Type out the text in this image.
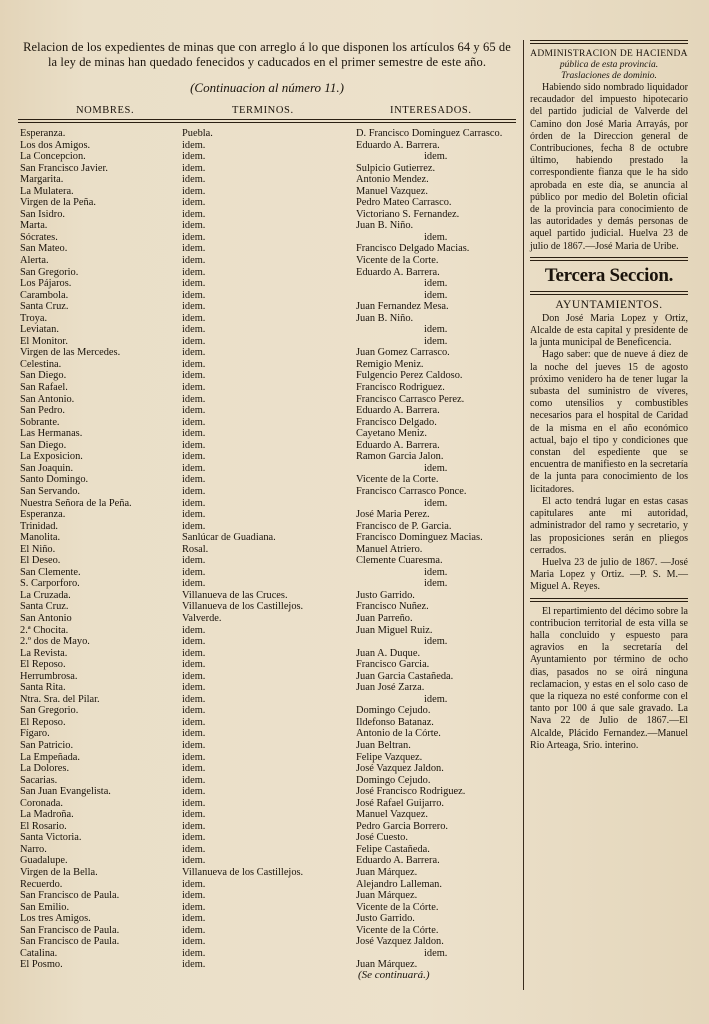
Relacion de los expedientes de minas que con arreglo á lo que disponen los artículos 64 y 65 de la ley de minas han quedado fenecidos y caducados en el primer semestre de este año.
(Continuacion al número 11.)
NOMBRES.	TERMINOS.	INTERESADOS.
Esperanza.	Puebla.	D. Francisco Dominguez Carrasco.
Los dos Amigos.	idem.	Eduardo A. Barrera.
La Concepcion.	idem.	idem.
San Francisco Javier.	idem.	Sulpicio Gutierrez.
Margarita.	idem.	Antonio Mendez.
La Mulatera.	idem.	Manuel Vazquez.
Virgen de la Peña.	idem.	Pedro Mateo Carrasco.
San Isidro.	idem.	Victoriano S. Fernandez.
Marta.	idem.	Juan B. Niño.
Sócrates.	idem.	idem.
San Mateo.	idem.	Francisco Delgado Macias.
Alerta.	idem.	Vicente de la Corte.
San Gregorio.	idem.	Eduardo A. Barrera.
Los Pájaros.	idem.	idem.
Carambola.	idem.	idem.
Santa Cruz.	idem.	Juan Fernandez Mesa.
Troya.	idem.	Juan B. Niño.
Leviatan.	idem.	idem.
El Monitor.	idem.	idem.
Virgen de las Mercedes.	idem.	Juan Gomez Carrasco.
Celestina.	idem.	Remigio Meniz.
San Diego.	idem.	Fulgencio Perez Caldoso.
San Rafael.	idem.	Francisco Rodriguez.
San Antonio.	idem.	Francisco Carrasco Perez.
San Pedro.	idem.	Eduardo A. Barrera.
Sobrante.	idem.	Francisco Delgado.
Las Hermanas.	idem.	Cayetano Meniz.
San Diego.	idem.	Eduardo A. Barrera.
La Exposicion.	idem.	Ramon Garcia Jalon.
San Joaquin.	idem.	idem.
Santo Domingo.	idem.	Vicente de la Corte.
San Servando.	idem.	Francisco Carrasco Ponce.
Nuestra Señora de la Peña.	idem.	idem.
Esperanza.	idem.	José Maria Perez.
Trinidad.	idem.	Francisco de P. Garcia.
Manolita.	Sanlúcar de Guadiana.	Francisco Dominguez Macias.
El Niño.	Rosal.	Manuel Atriero.
El Deseo.	idem.	Clemente Cuaresma.
San Clemente.	idem.	idem.
S. Carporforo.	idem.	idem.
La Cruzada.	Villanueva de las Cruces.	Justo Garrido.
Santa Cruz.	Villanueva de los Castillejos.	Francisco Nuñez.
San Antonio	Valverde.	Juan Parreño.
2.ª Chocita.	idem.	Juan Miguel Ruiz.
2.º dos de Mayo.	idem.	idem.
La Revista.	idem.	Juan A. Duque.
El Reposo.	idem.	Francisco Garcia.
Herrumbrosa.	idem.	Juan Garcia Castañeda.
Santa Rita.	idem.	Juan José Zarza.
Ntra. Sra. del Pilar.	idem.	idem.
San Gregorio.	idem.	Domingo Cejudo.
El Reposo.	idem.	Ildefonso Batanaz.
Fígaro.	idem.	Antonio de la Córte.
San Patricio.	idem.	Juan Beltran.
La Empeñada.	idem.	Felipe Vazquez.
La Dolores.	idem.	José Vazquez Jaldon.
Sacarias.	idem.	Domingo Cejudo.
San Juan Evangelista.	idem.	José Francisco Rodriguez.
Coronada.	idem.	José Rafael Guijarro.
La Madroña.	idem.	Manuel Vazquez.
El Rosario.	idem.	Pedro Garcia Borrero.
Santa Victoria.	idem.	José Cuesto.
Narro.	idem.	Felipe Castañeda.
Guadalupe.	idem.	Eduardo A. Barrera.
Virgen de la Bella.	Villanueva de los Castillejos.	Juan Márquez.
Recuerdo.	idem.	Alejandro Lalleman.
San Francisco de Paula.	idem.	Juan Márquez.
San Emilio.	idem.	Vicente de la Córte.
Los tres Amigos.	idem.	Justo Garrido.
San Francisco de Paula.	idem.	Vicente de la Córte.
San Francisco de Paula.	idem.	José Vazquez Jaldon.
Catalina.	idem.	idem.
El Posmo.	idem.	Juan Márquez.
(Se continuará.)
ADMINISTRACION DE HACIENDA
pública de esta provincia.
Traslaciones de dominio.

Habiendo sido nombrado liquidador recaudador del impuesto hipotecario del partido judicial de Valverde del Camino don José Maria Arrayás, por órden de la Direccion general de Contribuciones, fecha 8 de octubre último, habiendo prestado la correspondiente fianza que le ha sido aprobada en este dia, se anuncia al público por medio del Boletin oficial de la provincia para conocimiento de las autoridades y demás personas de aquel partido judicial. Huelva 23 de julio de 1867.—José Maria de Uribe.

Tercera Seccion.
AYUNTAMIENTOS.

Don José Maria Lopez y Ortiz, Alcalde de esta capital y presidente de la junta municipal de Beneficencia.

Hago saber: que de nueve á diez de la noche del jueves 15 de agosto próximo venidero ha de tener lugar la subasta del suministro de víveres, como utensilios y combustibles necesarios para el hospital de Caridad de la misma en el año económico actual, bajo el tipo y condiciones que constan del espediente que se encuentra de manifiesto en la secretaría de la junta para conocimiento de los licitadores.

El acto tendrá lugar en estas casas capitulares ante mi autoridad, administrador del ramo y secretario, y las proposiciones serán en pliegos cerrados.

Huelva 23 de julio de 1867. —José Maria Lopez y Ortiz. —P. S. M.—Miguel A. Reyes.

El repartimiento del décimo sobre la contribucion territorial de esta villa se halla concluido y espuesto para agravios en la secretaría del Ayuntamiento por término de ocho dias, pasados no se oirá ninguna reclamacion, y estas en el solo caso de que la riqueza no esté conforme con el tanto por 100 á que sale gravado. La Nava 22 de Julio de 1867.—El Alcalde, Plácido Fernandez.—Manuel Rio Arteaga, Srio. interino.
